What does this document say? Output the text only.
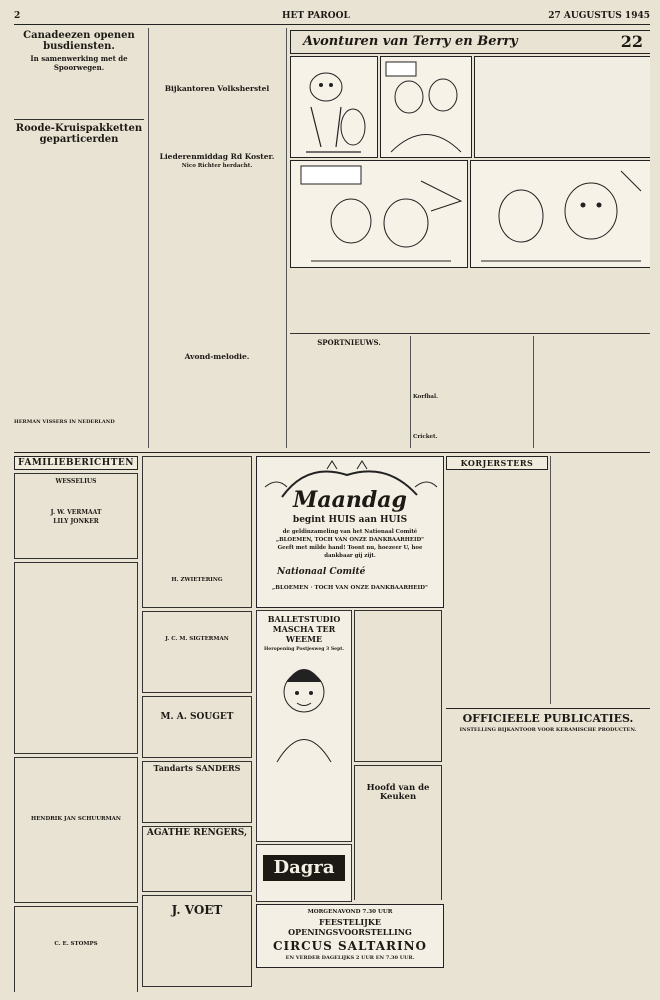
2	HET PAROOL	27 AUGUSTUS 1945
Canadeezen openen busdiensten.
In samenwerking met de Spoorwegen.

Roode-Kruispakketten geparticerden
HERMAN VISSERS IN NEDERLAND
Bijkantoren Volksherstel
Liederenmiddag Rd Koster.
Nico Richter herdacht.
Avond-melodie.
Avonturen van Terry en Berry	22

SPORTNIEUWS.

Korfbal.
Cricket.

FAMILIEBERICHTEN
WESSELIUS
J. W. VERMAAT
LILY JONKER
HENDRIK JAN SCHUURMAN
C. E. STOMPS
H. ZWIETERING
J. C. M. SIGTERMAN
M. A. SOUGET
Tandarts SANDERS
AGATHE RENGERS,
J. VOET
Maandag
begint HUIS aan HUIS
de geldinzameling van het Nationaal Comité
„BLOEMEN, TOCH VAN ONZE DANKBAARHEID"
Geeft met milde hand! Toont nu, hoezeer U, hoe
dankbaar gij zijt.
Nationaal Comité
„BLOEMEN · TOCH VAN ONZE DANKBAARHEID"
BALLETSTUDIO MASCHA TER WEEME
Heropening Postjesweg 3 Sept.
Dagra
Hoofd van de Keuken
MORGENAVOND 7.30 UUR
FEESTELIJKE OPENINGSVOORSTELLING
CIRCUS SALTARINO
EN VERDER DAGELIJKS 2 UUR EN 7.30 UUR.
KORJERSTERS

OFFICIEELE PUBLICATIES.
INSTELLING BIJKANTOOR VOOR KERAMISCHE PRODUCTEN.
